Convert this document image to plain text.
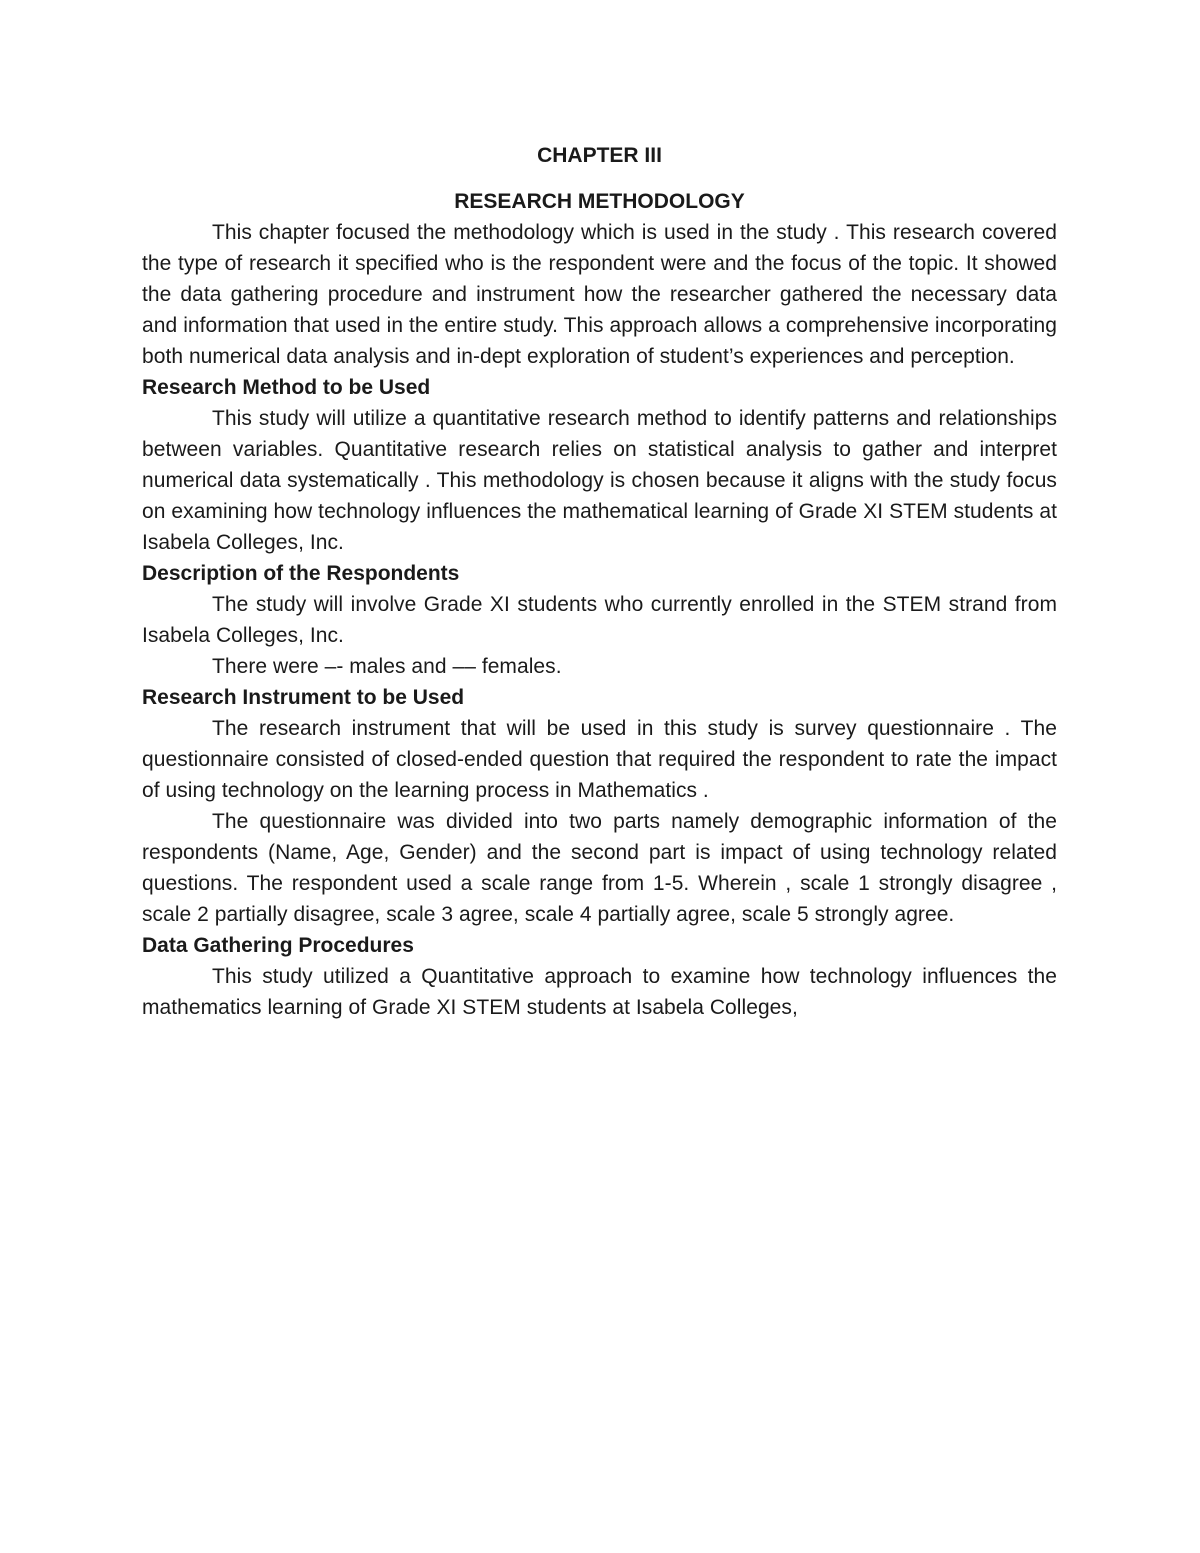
CHAPTER III
RESEARCH METHODOLOGY

This chapter focused the methodology which is used in the study . This research covered the type of research it specified who is the respondent were and the focus of the topic. It showed the data gathering procedure and instrument how the researcher gathered the necessary data and information that used in the entire study. This approach allows a comprehensive incorporating both numerical data analysis and in-dept exploration of student’s experiences and perception.

Research Method to be Used

This study will utilize a quantitative research method to identify patterns and relationships between variables. Quantitative research relies on statistical analysis to gather and interpret numerical data systematically . This methodology is chosen because it aligns with the study focus on examining how technology influences the mathematical learning of Grade XI STEM students at Isabela Colleges, Inc.

Description of the Respondents

The study will involve Grade XI students who currently enrolled in the STEM strand from Isabela Colleges, Inc.

There were –- males and –– females.

Research Instrument to be Used

The research instrument that will be used in this study is survey questionnaire . The questionnaire consisted of closed-ended question that required the respondent to rate the impact of using technology on the learning process in Mathematics .

The questionnaire was divided into two parts namely demographic information of the respondents (Name, Age, Gender) and the second part is impact of using technology related questions. The respondent used a scale range from 1-5. Wherein , scale 1 strongly disagree , scale 2 partially disagree, scale 3 agree, scale 4 partially agree, scale 5 strongly agree.

Data Gathering Procedures

This study utilized a Quantitative approach to examine how technology influences the mathematics learning of Grade XI STEM students at Isabela Colleges,
